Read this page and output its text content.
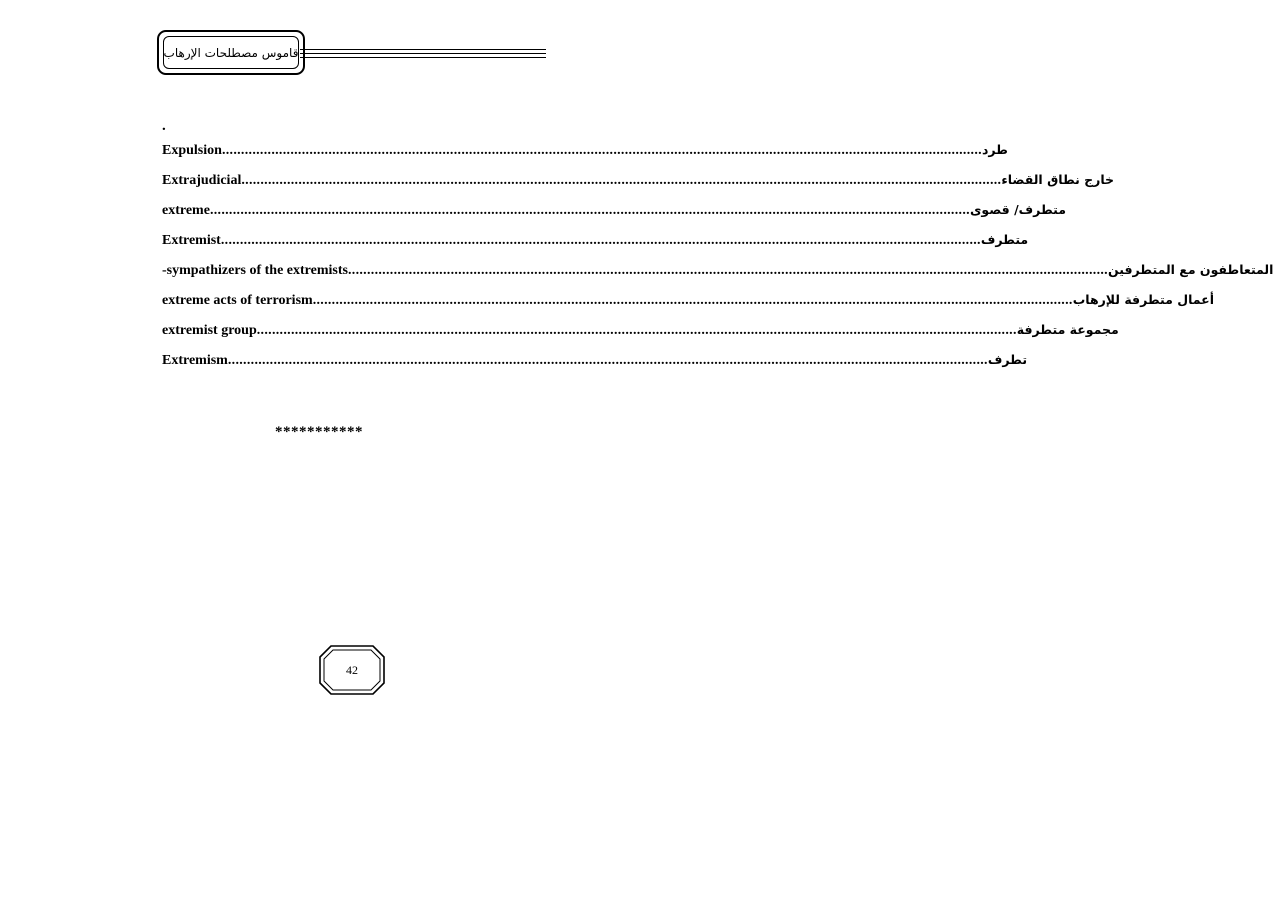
قاموس مصطلحات الإرهاب
.
Expulsion ........................................................................................................................................................................................................ طرد
Extrajudicial ........................................................................................................................................................................................................ خارج نطاق القضاء
extreme ........................................................................................................................................................................................................ متطرف/ قصوى
Extremist ........................................................................................................................................................................................................ متطرف
-sympathizers of the extremists ........................................................................................................................................................................................................ المتعاطفون مع المتطرفين
extreme acts of terrorism ........................................................................................................................................................................................................ أعمال متطرفة للإرهاب
extremist group ........................................................................................................................................................................................................ مجموعة متطرفة
Extremism ........................................................................................................................................................................................................ تطرف
***********
42
